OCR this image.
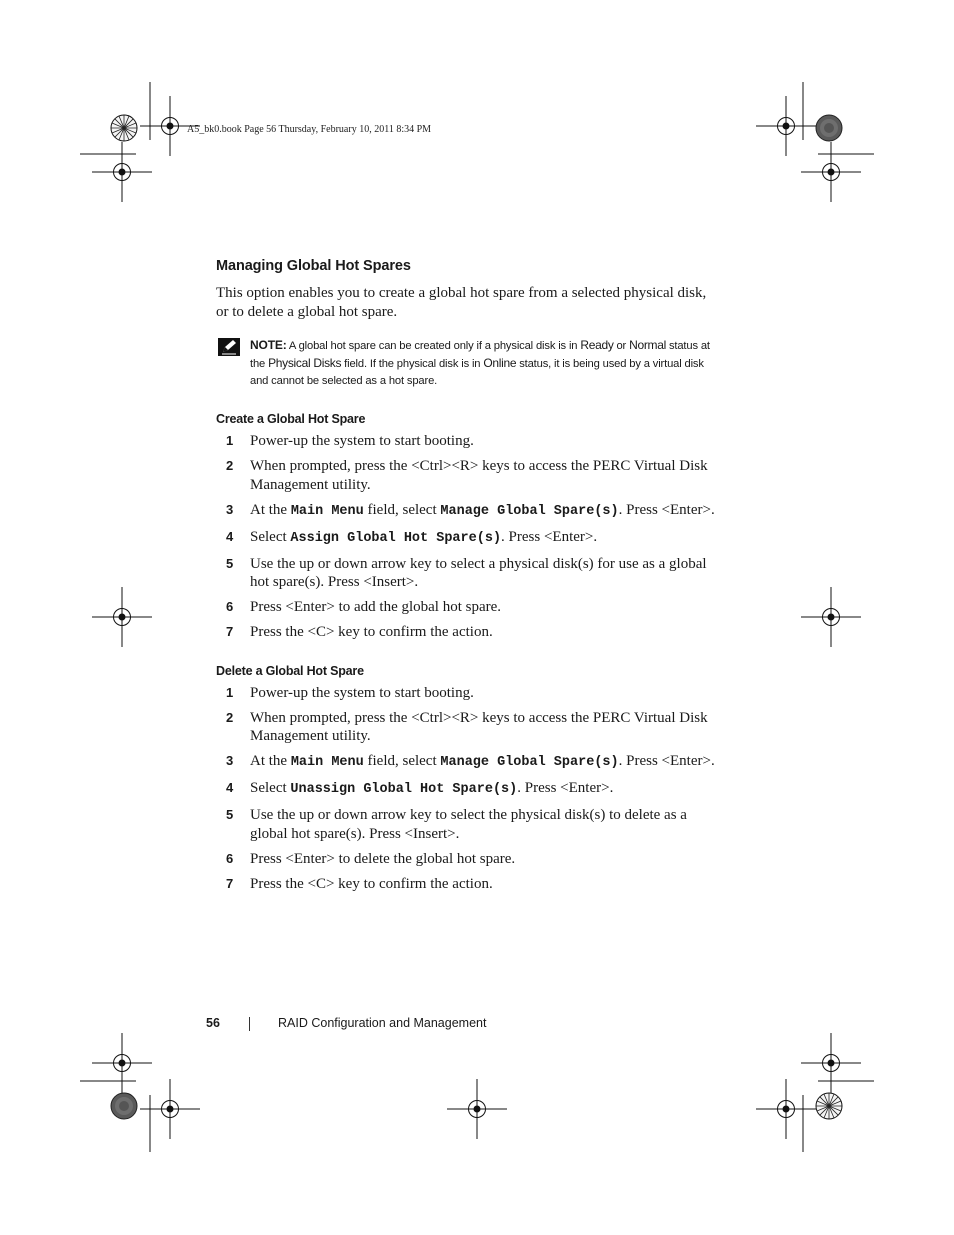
A5_bk0.book Page 56 Thursday, February 10, 2011 8:34 PM
Managing Global Hot Spares

This option enables you to create a global hot spare from a selected physical disk, or to delete a global hot spare.

NOTE: A global hot spare can be created only if a physical disk is in Ready or Normal status at the Physical Disks field. If the physical disk is in Online status, it is being used by a virtual disk and cannot be selected as a hot spare.
Create a Global Hot Spare
1 Power-up the system to start booting.
2 When prompted, press the <Ctrl><R> keys to access the PERC Virtual Disk Management utility.
3 At the Main Menu field, select Manage Global Spare(s). Press <Enter>.
4 Select Assign Global Hot Spare(s). Press <Enter>.
5 Use the up or down arrow key to select a physical disk(s) for use as a global hot spare(s). Press <Insert>.
6 Press <Enter> to add the global hot spare.
7 Press the <C> key to confirm the action.
Delete a Global Hot Spare
1 Power-up the system to start booting.
2 When prompted, press the <Ctrl><R> keys to access the PERC Virtual Disk Management utility.
3 At the Main Menu field, select Manage Global Spare(s). Press <Enter>.
4 Select Unassign Global Hot Spare(s). Press <Enter>.
5 Use the up or down arrow key to select the physical disk(s) to delete as a global hot spare(s). Press <Insert>.
6 Press <Enter> to delete the global hot spare.
7 Press the <C> key to confirm the action.
56	RAID Configuration and Management
